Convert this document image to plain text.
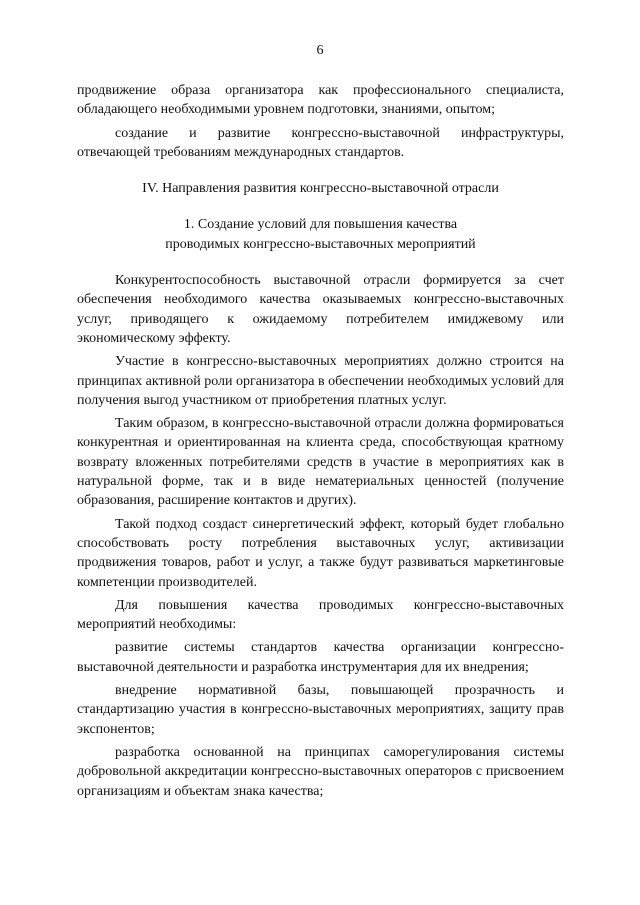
6

продвижение образа организатора как профессионального специалиста, обладающего необходимыми уровнем подготовки, знаниями, опытом;

создание и развитие конгрессно-выставочной инфраструктуры, отвечающей требованиям международных стандартов.

IV. Направления развития конгрессно-выставочной отрасли

1. Создание условий для повышения качества

проводимых конгрессно-выставочных мероприятий

Конкурентоспособность выставочной отрасли формируется за счет обеспечения необходимого качества оказываемых конгрессно-выставочных услуг, приводящего к ожидаемому потребителем имиджевому или экономическому эффекту.

Участие в конгрессно-выставочных мероприятиях должно строится на принципах активной роли организатора в обеспечении необходимых условий для получения выгод участником от приобретения платных услуг.

Таким образом, в конгрессно-выставочной отрасли должна формироваться конкурентная и ориентированная на клиента среда, способствующая кратному возврату вложенных потребителями средств в участие в мероприятиях как в натуральной форме, так и в виде нематериальных ценностей (получение образования, расширение контактов и других).

Такой подход создаст синергетический эффект, который будет глобально способствовать росту потребления выставочных услуг, активизации продвижения товаров, работ и услуг, а также будут развиваться маркетинговые компетенции производителей.

Для повышения качества проводимых конгрессно-выставочных мероприятий необходимы:

развитие системы стандартов качества организации конгрессно-выставочной деятельности и разработка инструментария для их внедрения;

внедрение нормативной базы, повышающей прозрачность и стандартизацию участия в конгрессно-выставочных мероприятиях, защиту прав экспонентов;

разработка основанной на принципах саморегулирования системы добровольной аккредитации конгрессно-выставочных операторов с присвоением организациям и объектам знака качества;
